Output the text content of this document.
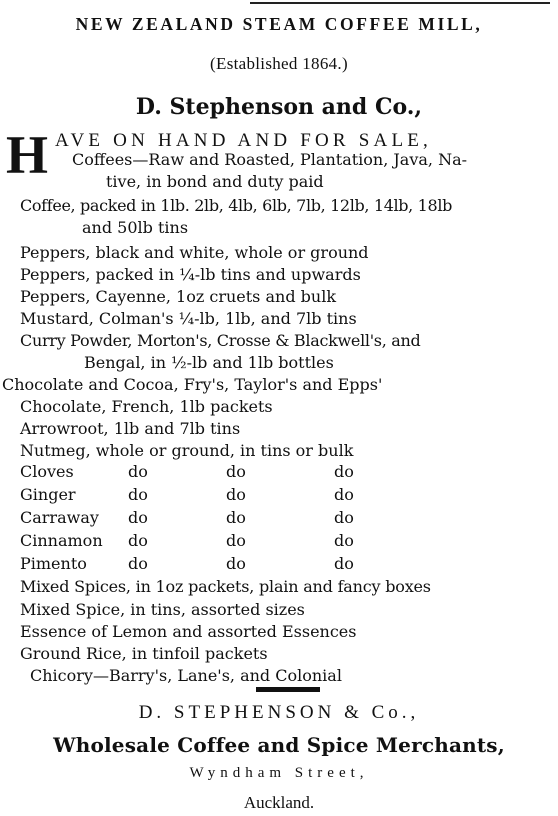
NEW ZEALAND STEAM COFFEE MILL,
(Established 1864.)
D. Stephenson and Co.,
H AVE ON HAND AND FOR SALE,
Coffees—Raw and Roasted, Plantation, Java, Na-
tive, in bond and duty paid
Coffee, packed in 1lb. 2lb, 4lb, 6lb, 7lb, 12lb, 14lb, 18lb
and 50lb tins
Peppers, black and white, whole or ground
Peppers, packed in ¼-lb tins and upwards
Peppers, Cayenne, 1oz cruets and bulk
Mustard, Colman's ¼-lb, 1lb, and 7lb tins
Curry Powder, Morton's, Crosse & Blackwell's, and
Bengal, in ½-lb and 1lb bottles
Chocolate and Cocoa, Fry's, Taylor's and Epps'
Chocolate, French, 1lb packets
Arrowroot, 1lb and 7lb tins
Nutmeg, whole or ground, in tins or bulk
Cloves	do	do	do
Ginger	do	do	do
Carraway do	do	do
Cinnamon do	do	do
Pimento	do	do	do
Mixed Spices, in 1oz packets, plain and fancy boxes
Mixed Spice, in tins, assorted sizes
Essence of Lemon and assorted Essences
Ground Rice, in tinfoil packets
Chicory—Barry's, Lane's, and Colonial
D. STEPHENSON & Co.,
Wholesale Coffee and Spice Merchants,
Wyndham Street,
Auckland.
